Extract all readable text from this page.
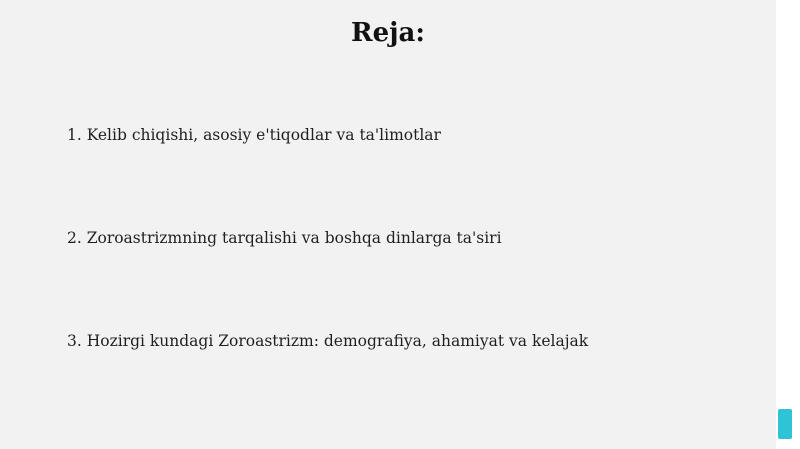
Reja:

1. Kelib chiqishi, asosiy e'tiqodlar va ta'limotlar

2. Zoroastrizmning tarqalishi va boshqa dinlarga ta'siri

3. Hozirgi kundagi Zoroastrizm: demografiya, ahamiyat va kelajak
